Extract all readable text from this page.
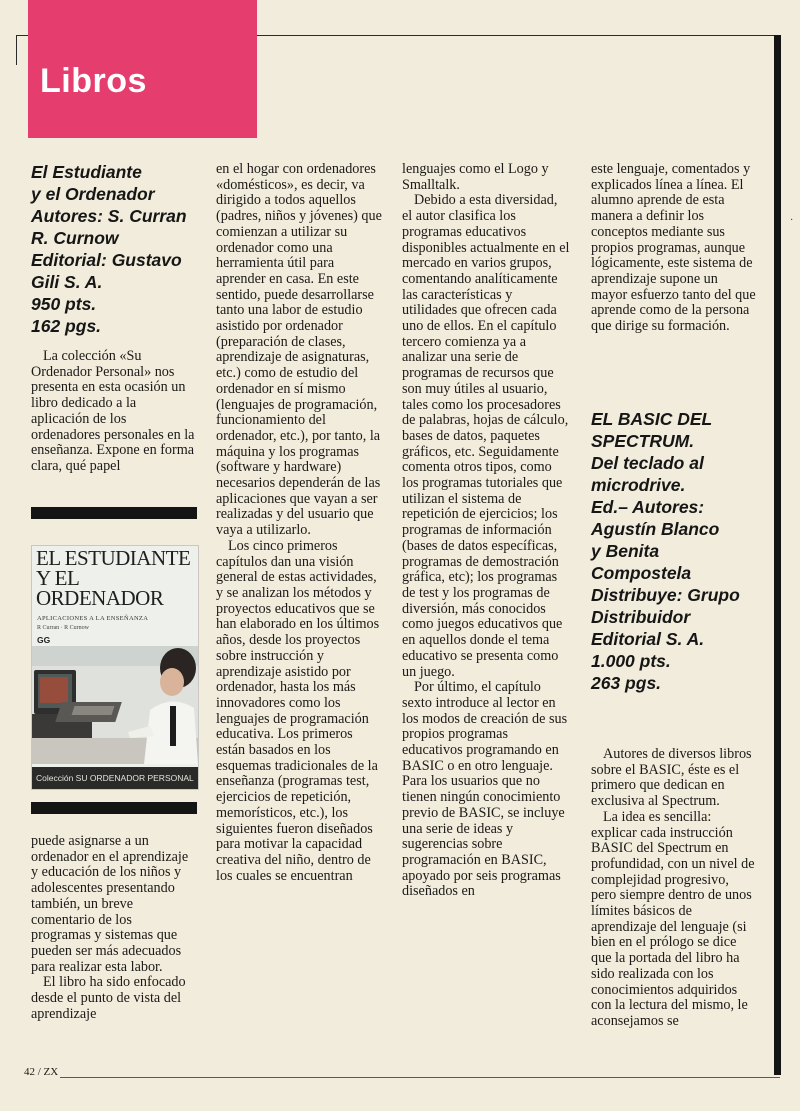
Libros
El Estudiante
y el Ordenador
Autores: S. Curran
R. Curnow
Editorial: Gustavo
Gili S. A.
950 pts.
162 pgs.

La colección «Su Ordenador Personal» nos presenta en esta ocasión un libro dedicado a la aplicación de los ordenadores personales en la enseñanza. Expone en forma clara, qué papel

EL ESTUDIANTE
Y EL
ORDENADOR
APLICACIONES A LA ENSEÑANZA
R Curran · R Curnow
GG
Colección SU ORDENADOR PERSONAL

puede asignarse a un ordenador en el aprendizaje y educación de los niños y adolescentes presentando también, un breve comentario de los programas y sistemas que pueden ser más adecuados para realizar esta labor.

El libro ha sido enfocado desde el punto de vista del aprendizaje

en el hogar con ordenadores «domésticos», es decir, va dirigido a todos aquellos (padres, niños y jóvenes) que comienzan a utilizar su ordenador como una herramienta útil para aprender en casa. En este sentido, puede desarrollarse tanto una labor de estudio asistido por ordenador (preparación de clases, aprendizaje de asignaturas, etc.) como de estudio del ordenador en sí mismo (lenguajes de programación, funcionamiento del ordenador, etc.), por tanto, la máquina y los programas (software y hardware) necesarios dependerán de las aplicaciones que vayan a ser realizadas y del usuario que vaya a utilizarlo.

Los cinco primeros capítulos dan una visión general de estas actividades, y se analizan los métodos y proyectos educativos que se han elaborado en los últimos años, desde los proyectos sobre instrucción y aprendizaje asistido por ordenador, hasta los más innovadores como los lenguajes de programación educativa. Los primeros están basados en los esquemas tradicionales de la enseñanza (programas test, ejercicios de repetición, memorísticos, etc.), los siguientes fueron diseñados para motivar la capacidad creativa del niño, dentro de los cuales se encuentran

lenguajes como el Logo y Smalltalk.

Debido a esta diversidad, el autor clasifica los programas educativos disponibles actualmente en el mercado en varios grupos, comentando analíticamente las características y utilidades que ofrecen cada uno de ellos. En el capítulo tercero comienza ya a analizar una serie de programas de recursos que son muy útiles al usuario, tales como los procesadores de palabras, hojas de cálculo, bases de datos, paquetes gráficos, etc. Seguidamente comenta otros tipos, como los programas tutoriales que utilizan el sistema de repetición de ejercicios; los programas de información (bases de datos específicas, programas de demostración gráfica, etc); los programas de test y los programas de diversión, más conocidos como juegos educativos que en aquellos donde el tema educativo se presenta como un juego.

Por último, el capítulo sexto introduce al lector en los modos de creación de sus propios programas educativos programando en BASIC o en otro lenguaje. Para los usuarios que no tienen ningún conocimiento previo de BASIC, se incluye una serie de ideas y sugerencias sobre programación en BASIC, apoyado por seis programas diseñados en

este lenguaje, comentados y explicados línea a línea. El alumno aprende de esta manera a definir los conceptos mediante sus propios programas, aunque lógicamente, este sistema de aprendizaje supone un mayor esfuerzo tanto del que aprende como de la persona que dirige su formación.

EL BASIC DEL
SPECTRUM.
Del teclado al
microdrive.
Ed.– Autores:
Agustín Blanco
y Benita
Compostela
Distribuye: Grupo
Distribuidor
Editorial S. A.
1.000 pts.
263 pgs.

Autores de diversos libros sobre el BASIC, éste es el primero que dedican en exclusiva al Spectrum.

La idea es sencilla: explicar cada instrucción BASIC del Spectrum en profundidad, con un nivel de complejidad progresivo, pero siempre dentro de unos límites básicos de aprendizaje del lenguaje (si bien en el prólogo se dice que la portada del libro ha sido realizada con los conocimientos adquiridos con la lectura del mismo, le aconsejamos se

42 / ZX
·
